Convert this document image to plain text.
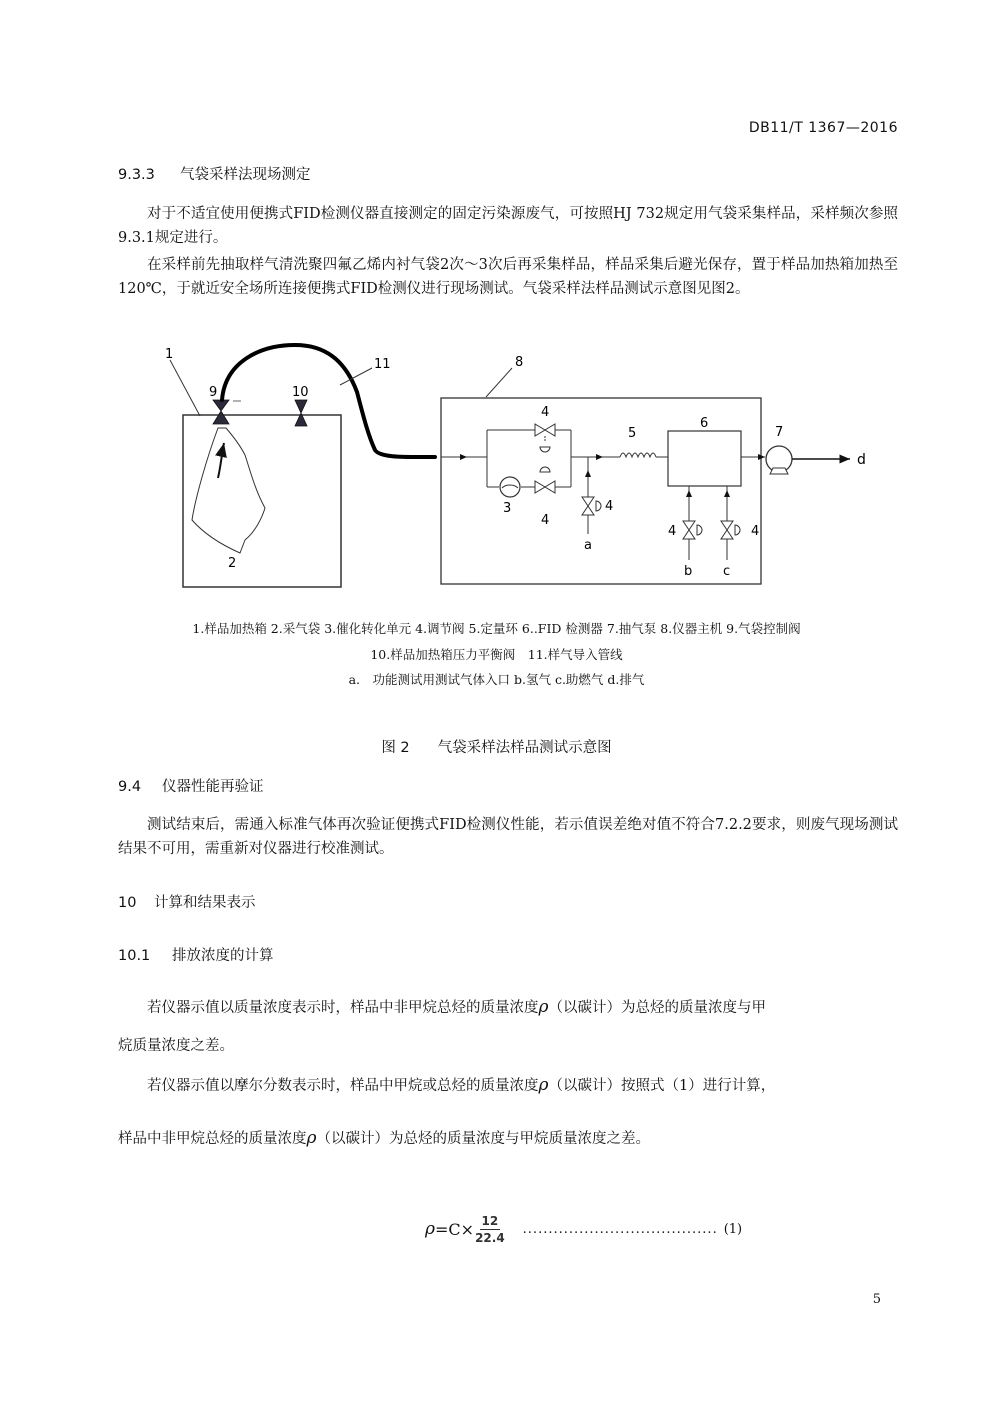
DB11/T 1367—2016
9.3.3 气袋采样法现场测定
对于不适宜使用便携式FID检测仪器直接测定的固定污染源废气，可按照HJ 732规定用气袋采集样品，采样频次参照9.3.1规定进行。
在采样前先抽取样气清洗聚四氟乙烯内衬气袋2次～3次后再采集样品，样品采集后避光保存，置于样品加热箱加热至120℃，于就近安全场所连接便携式FID检测仪进行现场测试。气袋采样法样品测试示意图见图2。
1
2
9	10
11	8
4
3
4
4
a
5
6
4
b
4
c
7
d
1.样品加热箱 2.采气袋 3.催化转化单元 4.调节阀 5.定量环 6..FID 检测器 7.抽气泵 8.仪器主机 9.气袋控制阀
10.样品加热箱压力平衡阀　11.样气导入管线
a.　功能测试用测试气体入口 b.氢气 c.助燃气 d.排气
图 2 气袋采样法样品测试示意图
9.4 仪器性能再验证
测试结束后，需通入标准气体再次验证便携式FID检测仪性能，若示值误差绝对值不符合7.2.2要求，则废气现场测试结果不可用，需重新对仪器进行校准测试。
10 计算和结果表示
10.1 排放浓度的计算
若仪器示值以质量浓度表示时，样品中非甲烷总烃的质量浓度ρ（以碳计）为总烃的质量浓度与甲
烷质量浓度之差。
若仪器示值以摩尔分数表示时，样品中甲烷或总烃的质量浓度ρ（以碳计）按照式（1）进行计算，
样品中非甲烷总烃的质量浓度ρ（以碳计）为总烃的质量浓度与甲烷质量浓度之差。
$\rho =C\times \frac{12}{22.4}$ ...................................... (1)
5
